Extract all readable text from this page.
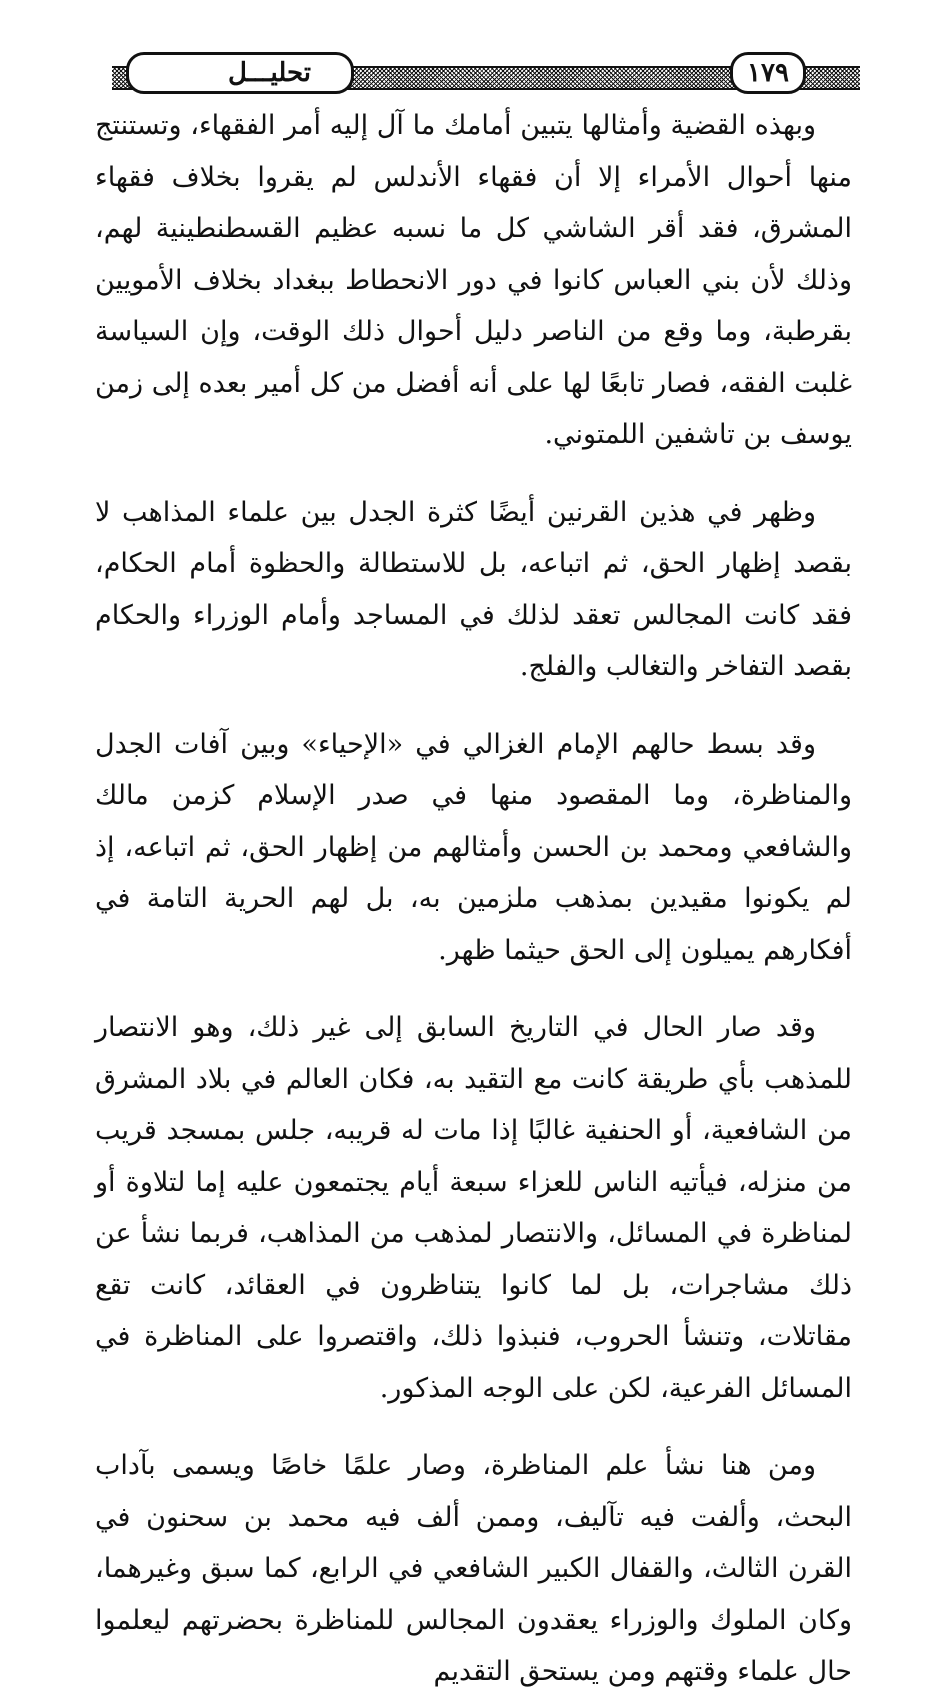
تحليـــل	١٧٩

وبهذه القضية وأمثالها يتبين أمامك ما آل إليه أمر الفقهاء، وتستنتج منها أحوال الأمراء إلا أن فقهاء الأندلس لم يقروا بخلاف فقهاء المشرق، فقد أقر الشاشي كل ما نسبه عظيم القسطنطينية لهم، وذلك لأن بني العباس كانوا في دور الانحطاط ببغداد بخلاف الأمويين بقرطبة، وما وقع من الناصر دليل أحوال ذلك الوقت، وإن السياسة غلبت الفقه، فصار تابعًا لها على أنه أفضل من كل أمير بعده إلى زمن يوسف بن تاشفين اللمتوني.

وظهر في هذين القرنين أيضًا كثرة الجدل بين علماء المذاهب لا بقصد إظهار الحق، ثم اتباعه، بل للاستطالة والحظوة أمام الحكام، فقد كانت المجالس تعقد لذلك في المساجد وأمام الوزراء والحكام بقصد التفاخر والتغالب والفلج.

وقد بسط حالهم الإمام الغزالي في «الإحياء» وبين آفات الجدل والمناظرة، وما المقصود منها في صدر الإسلام كزمن مالك والشافعي ومحمد بن الحسن وأمثالهم من إظهار الحق، ثم اتباعه، إذ لم يكونوا مقيدين بمذهب ملزمين به، بل لهم الحرية التامة في أفكارهم يميلون إلى الحق حيثما ظهر.

وقد صار الحال في التاريخ السابق إلى غير ذلك، وهو الانتصار للمذهب بأي طريقة كانت مع التقيد به، فكان العالم في بلاد المشرق من الشافعية، أو الحنفية غالبًا إذا مات له قريبه، جلس بمسجد قريب من منزله، فيأتيه الناس للعزاء سبعة أيام يجتمعون عليه إما لتلاوة أو لمناظرة في المسائل، والانتصار لمذهب من المذاهب، فربما نشأ عن ذلك مشاجرات، بل لما كانوا يتناظرون في العقائد، كانت تقع مقاتلات، وتنشأ الحروب، فنبذوا ذلك، واقتصروا على المناظرة في المسائل الفرعية، لكن على الوجه المذكور.

ومن هنا نشأ علم المناظرة، وصار علمًا خاصًا ويسمى بآداب البحث، وألفت فيه تآليف، وممن ألف فيه محمد بن سحنون في القرن الثالث، والقفال الكبير الشافعي في الرابع، كما سبق وغيرهما، وكان الملوك والوزراء يعقدون المجالس للمناظرة بحضرتهم ليعلموا حال علماء وقتهم ومن يستحق التقديم
